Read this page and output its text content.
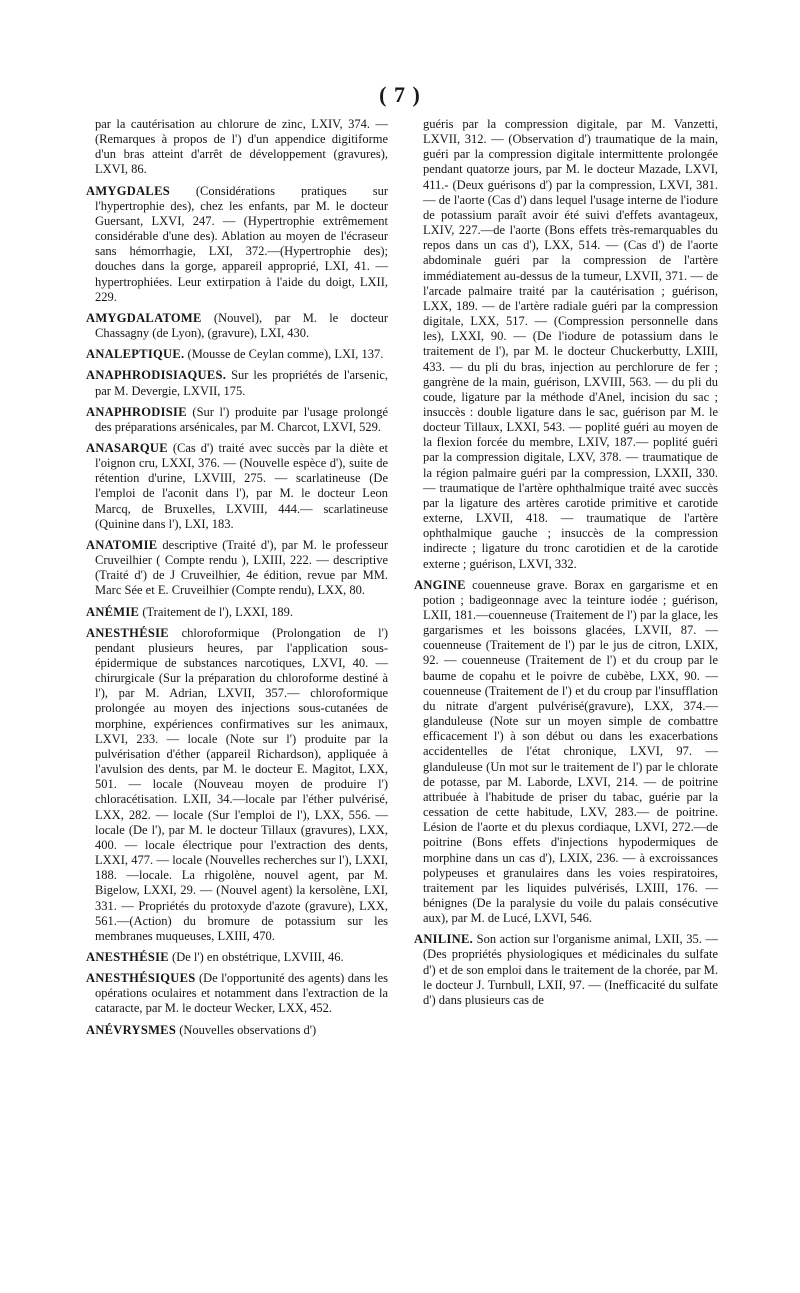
( 7 )

par la cautérisation au chlorure de zinc, LXIV, 374. — (Remarques à propos de l') d'un appendice digitiforme d'un bras atteint d'arrêt de développement (gravures), LXVI, 86.

AMYGDALES (Considérations pratiques sur l'hypertrophie des), chez les enfants, par M. le docteur Guersant, LXVI, 247. — (Hypertrophie extrêmement considérable d'une des). Ablation au moyen de l'écraseur sans hémorrhagie, LXI, 372.—(Hypertrophie des); douches dans la gorge, appareil approprié, LXI, 41. — hypertrophiées. Leur extirpation à l'aide du doigt, LXII, 229.

AMYGDALATOME (Nouvel), par M. le docteur Chassagny (de Lyon), (gravure), LXI, 430.

ANALEPTIQUE. (Mousse de Ceylan comme), LXI, 137.

ANAPHRODISIAQUES. Sur les propriétés de l'arsenic, par M. Devergie, LXVII, 175.

ANAPHRODISIE (Sur l') produite par l'usage prolongé des préparations arsénicales, par M. Charcot, LXVI, 529.

ANASARQUE (Cas d') traité avec succès par la diète et l'oignon cru, LXXI, 376. — (Nouvelle espèce d'), suite de rétention d'urine, LXVIII, 275. — scarlatineuse (De l'emploi de l'aconit dans l'), par M. le docteur Leon Marcq, de Bruxelles, LXVIII, 444.— scarlatineuse (Quinine dans l'), LXI, 183.

ANATOMIE descriptive (Traité d'), par M. le professeur Cruveilhier ( Compte rendu ), LXIII, 222. — descriptive (Traité d') de J Cruveilhier, 4e édition, revue par MM. Marc Sée et E. Cruveilhier (Compte rendu), LXX, 80.

ANÉMIE (Traitement de l'), LXXI, 189.

ANESTHÉSIE chloroformique (Prolongation de l') pendant plusieurs heures, par l'application sous-épidermique de substances narcotiques, LXVI, 40. — chirurgicale (Sur la préparation du chloroforme destiné à l'), par M. Adrian, LXVII, 357.— chloroformique prolongée au moyen des injections sous-cutanées de morphine, expériences confirmatives sur les animaux, LXVI, 233. — locale (Note sur l') produite par la pulvérisation d'éther (appareil Richardson), appliquée à l'avulsion des dents, par M. le docteur E. Magitot, LXX, 501. — locale (Nouveau moyen de produire l') chloracétisation. LXII, 34.—locale par l'éther pulvérisé, LXX, 282. — locale (Sur l'emploi de l'), LXX, 556. — locale (De l'), par M. le docteur Tillaux (gravures), LXX, 400. — locale électrique pour l'extraction des dents, LXXI, 477. — locale (Nouvelles recherches sur l'), LXXI, 188. —locale. La rhigolène, nouvel agent, par M. Bigelow, LXXI, 29. — (Nouvel agent) la kersolène, LXI, 331. — Propriétés du protoxyde d'azote (gravure), LXX, 561.—(Action) du bromure de potassium sur les membranes muqueuses, LXIII, 470.

ANESTHÉSIE (De l') en obstétrique, LXVIII, 46.

ANESTHÉSIQUES (De l'opportunité des agents) dans les opérations oculaires et notamment dans l'extraction de la cataracte, par M. le docteur Wecker, LXX, 452.

ANÉVRYSMES (Nouvelles observations d')

guéris par la compression digitale, par M. Vanzetti, LXVII, 312. — (Observation d') traumatique de la main, guéri par la compression digitale intermittente prolongée pendant quatorze jours, par M. le docteur Mazade, LXVI, 411.- (Deux guérisons d') par la compression, LXVI, 381. — de l'aorte (Cas d') dans lequel l'usage interne de l'iodure de potassium paraît avoir été suivi d'effets avantageux, LXIV, 227.—de l'aorte (Bons effets très-remarquables du repos dans un cas d'), LXX, 514. — (Cas d') de l'aorte abdominale guéri par la compression de l'artère immédiatement au-dessus de la tumeur, LXVII, 371. — de l'arcade palmaire traité par la cautérisation ; guérison, LXX, 189. — de l'artère radiale guéri par la compression digitale, LXX, 517. — (Compression personnelle dans les), LXXI, 90. — (De l'iodure de potassium dans le traitement de l'), par M. le docteur Chuckerbutty, LXIII, 433. — du pli du bras, injection au perchlorure de fer ; gangrène de la main, guérison, LXVIII, 563. — du pli du coude, ligature par la méthode d'Anel, incision du sac ; insuccès : double ligature dans le sac, guérison par M. le docteur Tillaux, LXXI, 543. — poplité guéri au moyen de la flexion forcée du membre, LXIV, 187.— poplité guéri par la compression digitale, LXV, 378. — traumatique de la région palmaire guéri par la compression, LXXII, 330. — traumatique de l'artère ophthalmique traité avec succès par la ligature des artères carotide primitive et carotide externe, LXVII, 418. — traumatique de l'artère ophthalmique gauche ; insuccès de la compression indirecte ; ligature du tronc carotidien et de la carotide externe ; guérison, LXVI, 332.

ANGINE couenneuse grave. Borax en gargarisme et en potion ; badigeonnage avec la teinture iodée ; guérison, LXII, 181.—couenneuse (Traitement de l') par la glace, les gargarismes et les boissons glacées, LXVII, 87. — couenneuse (Traitement de l') par le jus de citron, LXIX, 92. — couenneuse (Traitement de l') et du croup par le baume de copahu et le poivre de cubèbe, LXX, 90. — couenneuse (Traitement de l') et du croup par l'insufflation du nitrate d'argent pulvérisé(gravure), LXX, 374.—glanduleuse (Note sur un moyen simple de combattre efficacement l') à son début ou dans les exacerbations accidentelles de l'état chronique, LXVI, 97. — glanduleuse (Un mot sur le traitement de l') par le chlorate de potasse, par M. Laborde, LXVI, 214. — de poitrine attribuée à l'habitude de priser du tabac, guérie par la cessation de cette habitude, LXV, 283.— de poitrine. Lésion de l'aorte et du plexus cordiaque, LXVI, 272.—de poitrine (Bons effets d'injections hypodermiques de morphine dans un cas d'), LXIX, 236. — à excroissances polypeuses et granulaires dans les voies respiratoires, traitement par les liquides pulvérisés, LXIII, 176. — bénignes (De la paralysie du voile du palais consécutive aux), par M. de Lucé, LXVI, 546.

ANILINE. Son action sur l'organisme animal, LXII, 35. — (Des propriétés physiologiques et médicinales du sulfate d') et de son emploi dans le traitement de la chorée, par M. le docteur J. Turnbull, LXII, 97. — (Inefficacité du sulfate d') dans plusieurs cas de
